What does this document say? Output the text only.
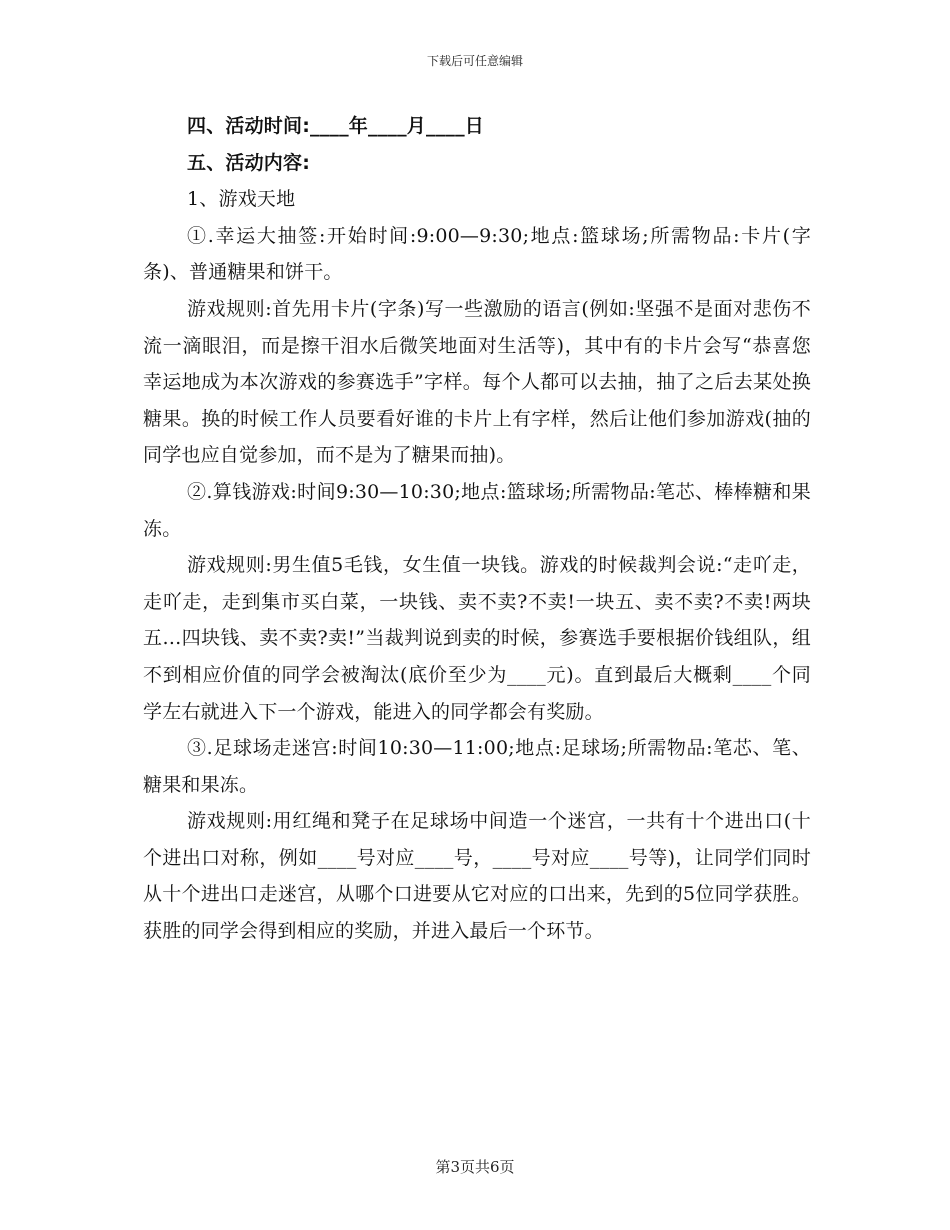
下载后可任意编辑

四、活动时间:____年____月____日

五、活动内容:

1、游戏天地

①.幸运大抽签:开始时间:9:00—9:30;地点:篮球场;所需物品:卡片(字条)、普通糖果和饼干。

游戏规则:首先用卡片(字条)写一些激励的语言(例如:坚强不是面对悲伤不流一滴眼泪，而是擦干泪水后微笑地面对生活等)，其中有的卡片会写“恭喜您幸运地成为本次游戏的参赛选手”字样。每个人都可以去抽，抽了之后去某处换糖果。换的时候工作人员要看好谁的卡片上有字样，然后让他们参加游戏(抽的同学也应自觉参加，而不是为了糖果而抽)。

②.算钱游戏:时间9:30—10:30;地点:篮球场;所需物品:笔芯、棒棒糖和果冻。

游戏规则:男生值5毛钱，女生值一块钱。游戏的时候裁判会说:“走吖走，走吖走，走到集市买白菜，一块钱、卖不卖?不卖!一块五、卖不卖?不卖!两块五…四块钱、卖不卖?卖!”当裁判说到卖的时候，参赛选手要根据价钱组队，组不到相应价值的同学会被淘汰(底价至少为____元)。直到最后大概剩____个同学左右就进入下一个游戏，能进入的同学都会有奖励。

③.足球场走迷宫:时间10:30—11:00;地点:足球场;所需物品:笔芯、笔、糖果和果冻。

游戏规则:用红绳和凳子在足球场中间造一个迷宫，一共有十个进出口(十个进出口对称，例如____号对应____号，____号对应____号等)，让同学们同时从十个进出口走迷宫，从哪个口进要从它对应的口出来，先到的5位同学获胜。获胜的同学会得到相应的奖励，并进入最后一个环节。

第3页共6页
